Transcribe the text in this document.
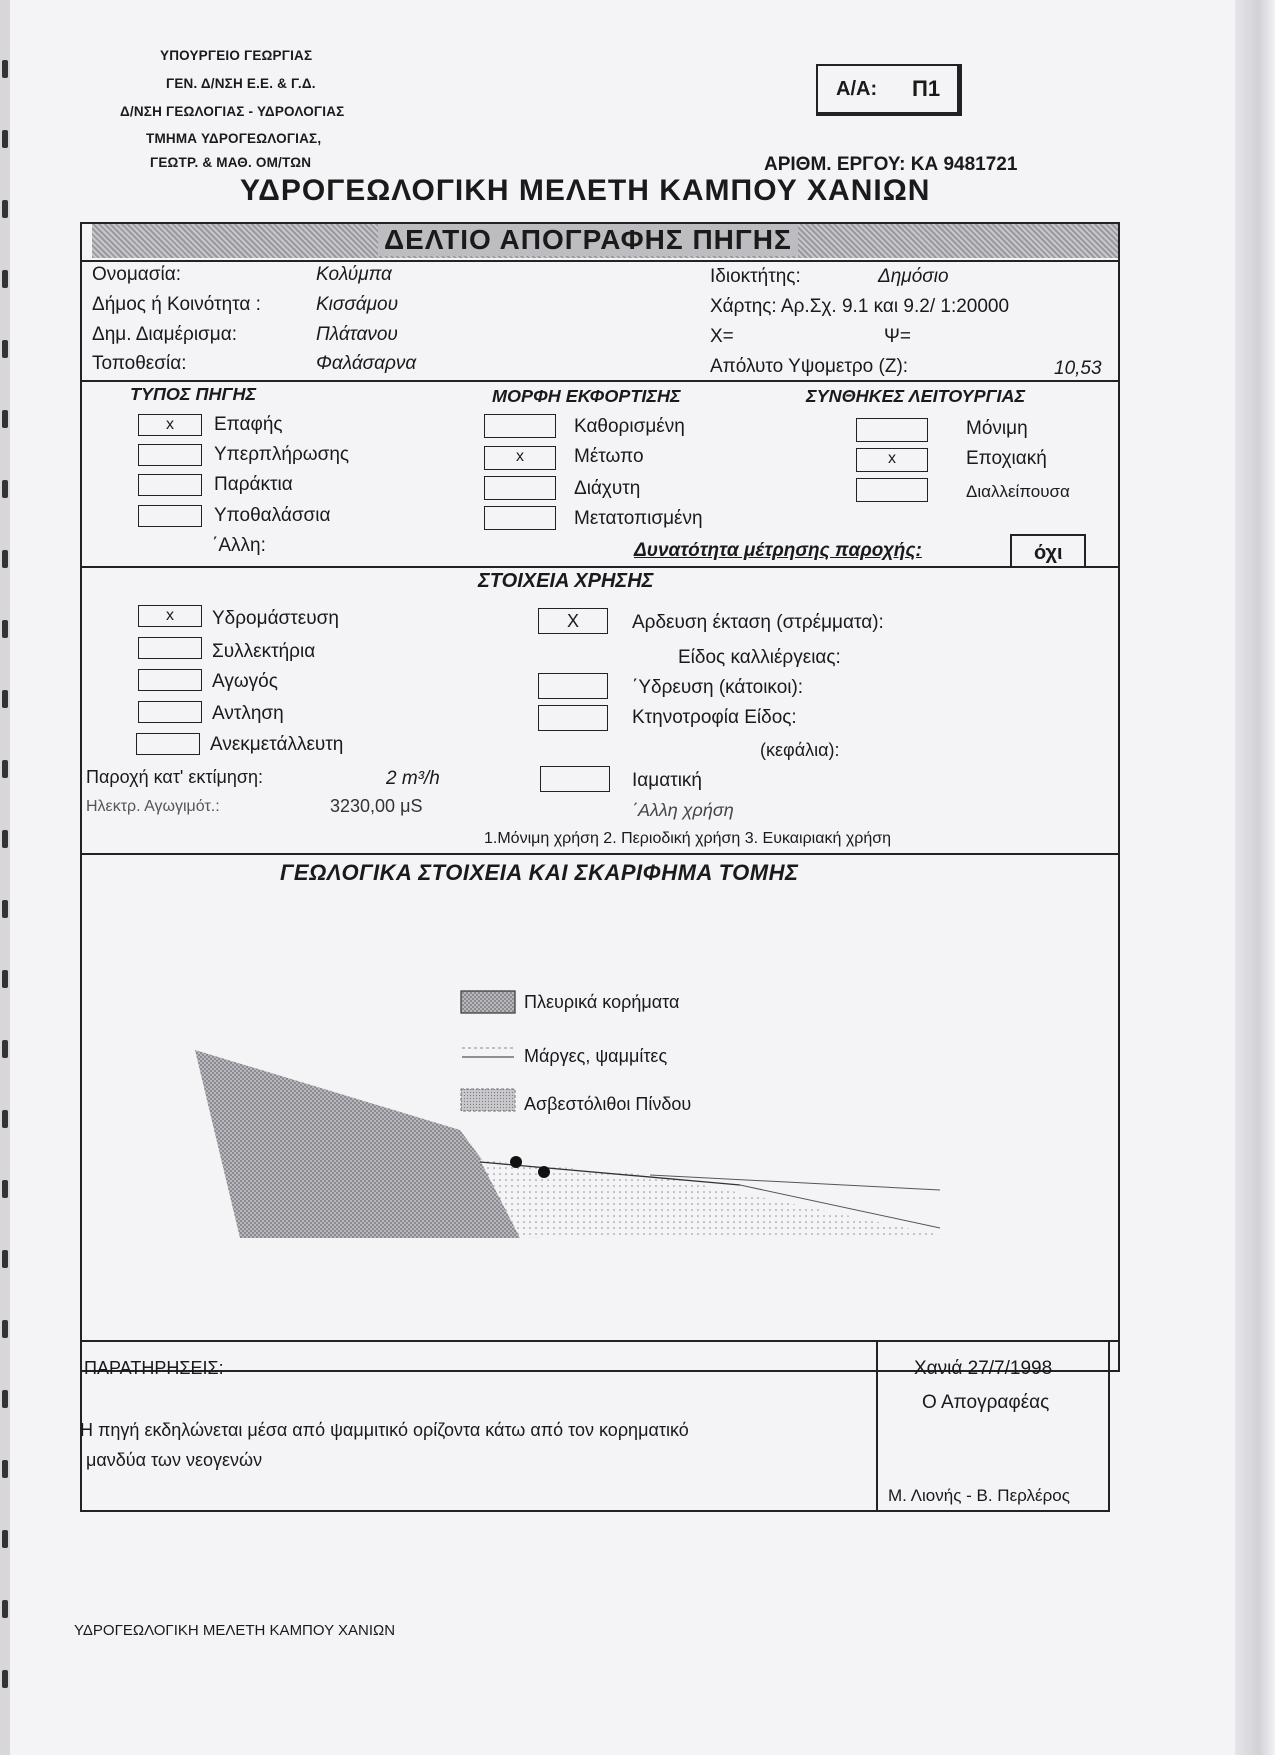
ΥΠΟΥΡΓΕΙΟ ΓΕΩΡΓΙΑΣ
ΓΕΝ. Δ/ΝΣΗ Ε.Ε. & Γ.Δ.
Δ/ΝΣΗ ΓΕΩΛΟΓΙΑΣ - ΥΔΡΟΛΟΓΙΑΣ
ΤΜΗΜΑ ΥΔΡΟΓΕΩΛΟΓΙΑΣ,
ΓΕΩΤΡ. & ΜΑΘ. ΟΜ/ΤΩΝ
Α/Α: Π1
ΑΡΙΘΜ. ΕΡΓΟΥ: ΚΑ 9481721
ΥΔΡΟΓΕΩΛΟΓΙΚΗ ΜΕΛΕΤΗ ΚΑΜΠΟΥ ΧΑΝΙΩΝ
ΔΕΛΤΙΟ ΑΠΟΓΡΑΦΗΣ ΠΗΓΗΣ
Ονομασία:	Κολύμπα	Ιδιοκτήτης:	Δημόσιο
Δήμος ή Κοινότητα :	Κισσάμου	Χάρτης: Αρ.Σχ. 9.1 και 9.2/ 1:20000
Δημ. Διαμέρισμα:	Πλάτανου	Χ=	Ψ=
Τοποθεσία:	Φαλάσαρνα	Απόλυτο Υψομετρο (Ζ):	10,53
ΤΥΠΟΣ ΠΗΓΗΣ	ΜΟΡΦΗ ΕΚΦΟΡΤΙΣΗΣ	ΣΥΝΘΗΚΕΣ ΛΕΙΤΟΥΡΓΙΑΣ
x	Επαφής
Υπερπλήρωσης
Παράκτια
Υποθαλάσσια
΄Αλλη:
Καθορισμένη
x	Μέτωπο
Διάχυτη
Μετατοπισμένη
Μόνιμη
x	Εποχιακή
Διαλλείπουσα
Δυνατότητα μέτρησης παροχής:	όχι
ΣΤΟΙΧΕΙΑ ΧΡΗΣΗΣ
x	Υδρομάστευση
Συλλεκτήρια
Αγωγός
Αντληση
Ανεκμετάλλευτη
X	Αρδευση έκταση (στρέμματα):
Είδος καλλιέργειας:
΄Υδρευση (κάτοικοι):
Κτηνοτροφία Είδος:
(κεφάλια):
Ιαματική
΄Αλλη χρήση
Παροχή κατ' εκτίμηση:	2 m³/h
Ηλεκτρ. Αγωγιμότ.:	3230,00 μS
1.Μόνιμη χρήση 2. Περιοδική χρήση 3. Ευκαιριακή χρήση
ΓΕΩΛΟΓΙΚΑ ΣΤΟΙΧΕΙΑ ΚΑΙ ΣΚΑΡΙΦΗΜΑ ΤΟΜΗΣ
Πλευρικά κορήματα
Μάργες, ψαμμίτες
Ασβεστόλιθοι Πίνδου
ΠΑΡΑΤΗΡΗΣΕΙΣ:
Η πηγή εκδηλώνεται μέσα από ψαμμιτικό ορίζοντα κάτω από τον κορηματικό
μανδύα των νεογενών
Χανιά 27/7/1998
Ο Απογραφέας
Μ. Λιονής - Β. Περλέρος
ΥΔΡΟΓΕΩΛΟΓΙΚΗ ΜΕΛΕΤΗ ΚΑΜΠΟΥ ΧΑΝΙΩΝ
